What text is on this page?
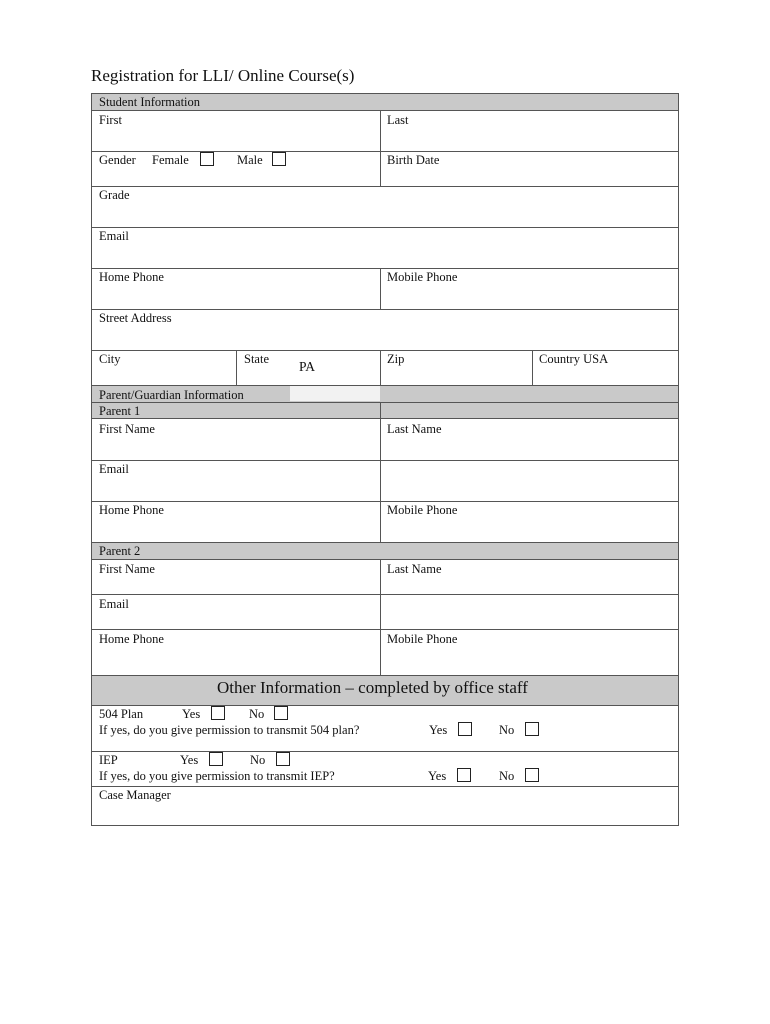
Registration for LLI/ Online Course(s)
Student Information
First	Last
Gender Female	Male	Birth Date
Grade
Email
Home Phone	Mobile Phone
Street Address
City	State PA	Zip	Country USA
Parent/Guardian Information
Parent 1
First Name	Last Name
Email
Home Phone	Mobile Phone
Parent 2
First Name	Last Name
Email
Home Phone	Mobile Phone
Other Information – completed by office staff
504 Plan	Yes	No
If yes, do you give permission to transmit 504 plan?	Yes	No
IEP	Yes	No
If yes, do you give permission to transmit IEP?	Yes	No
Case Manager
